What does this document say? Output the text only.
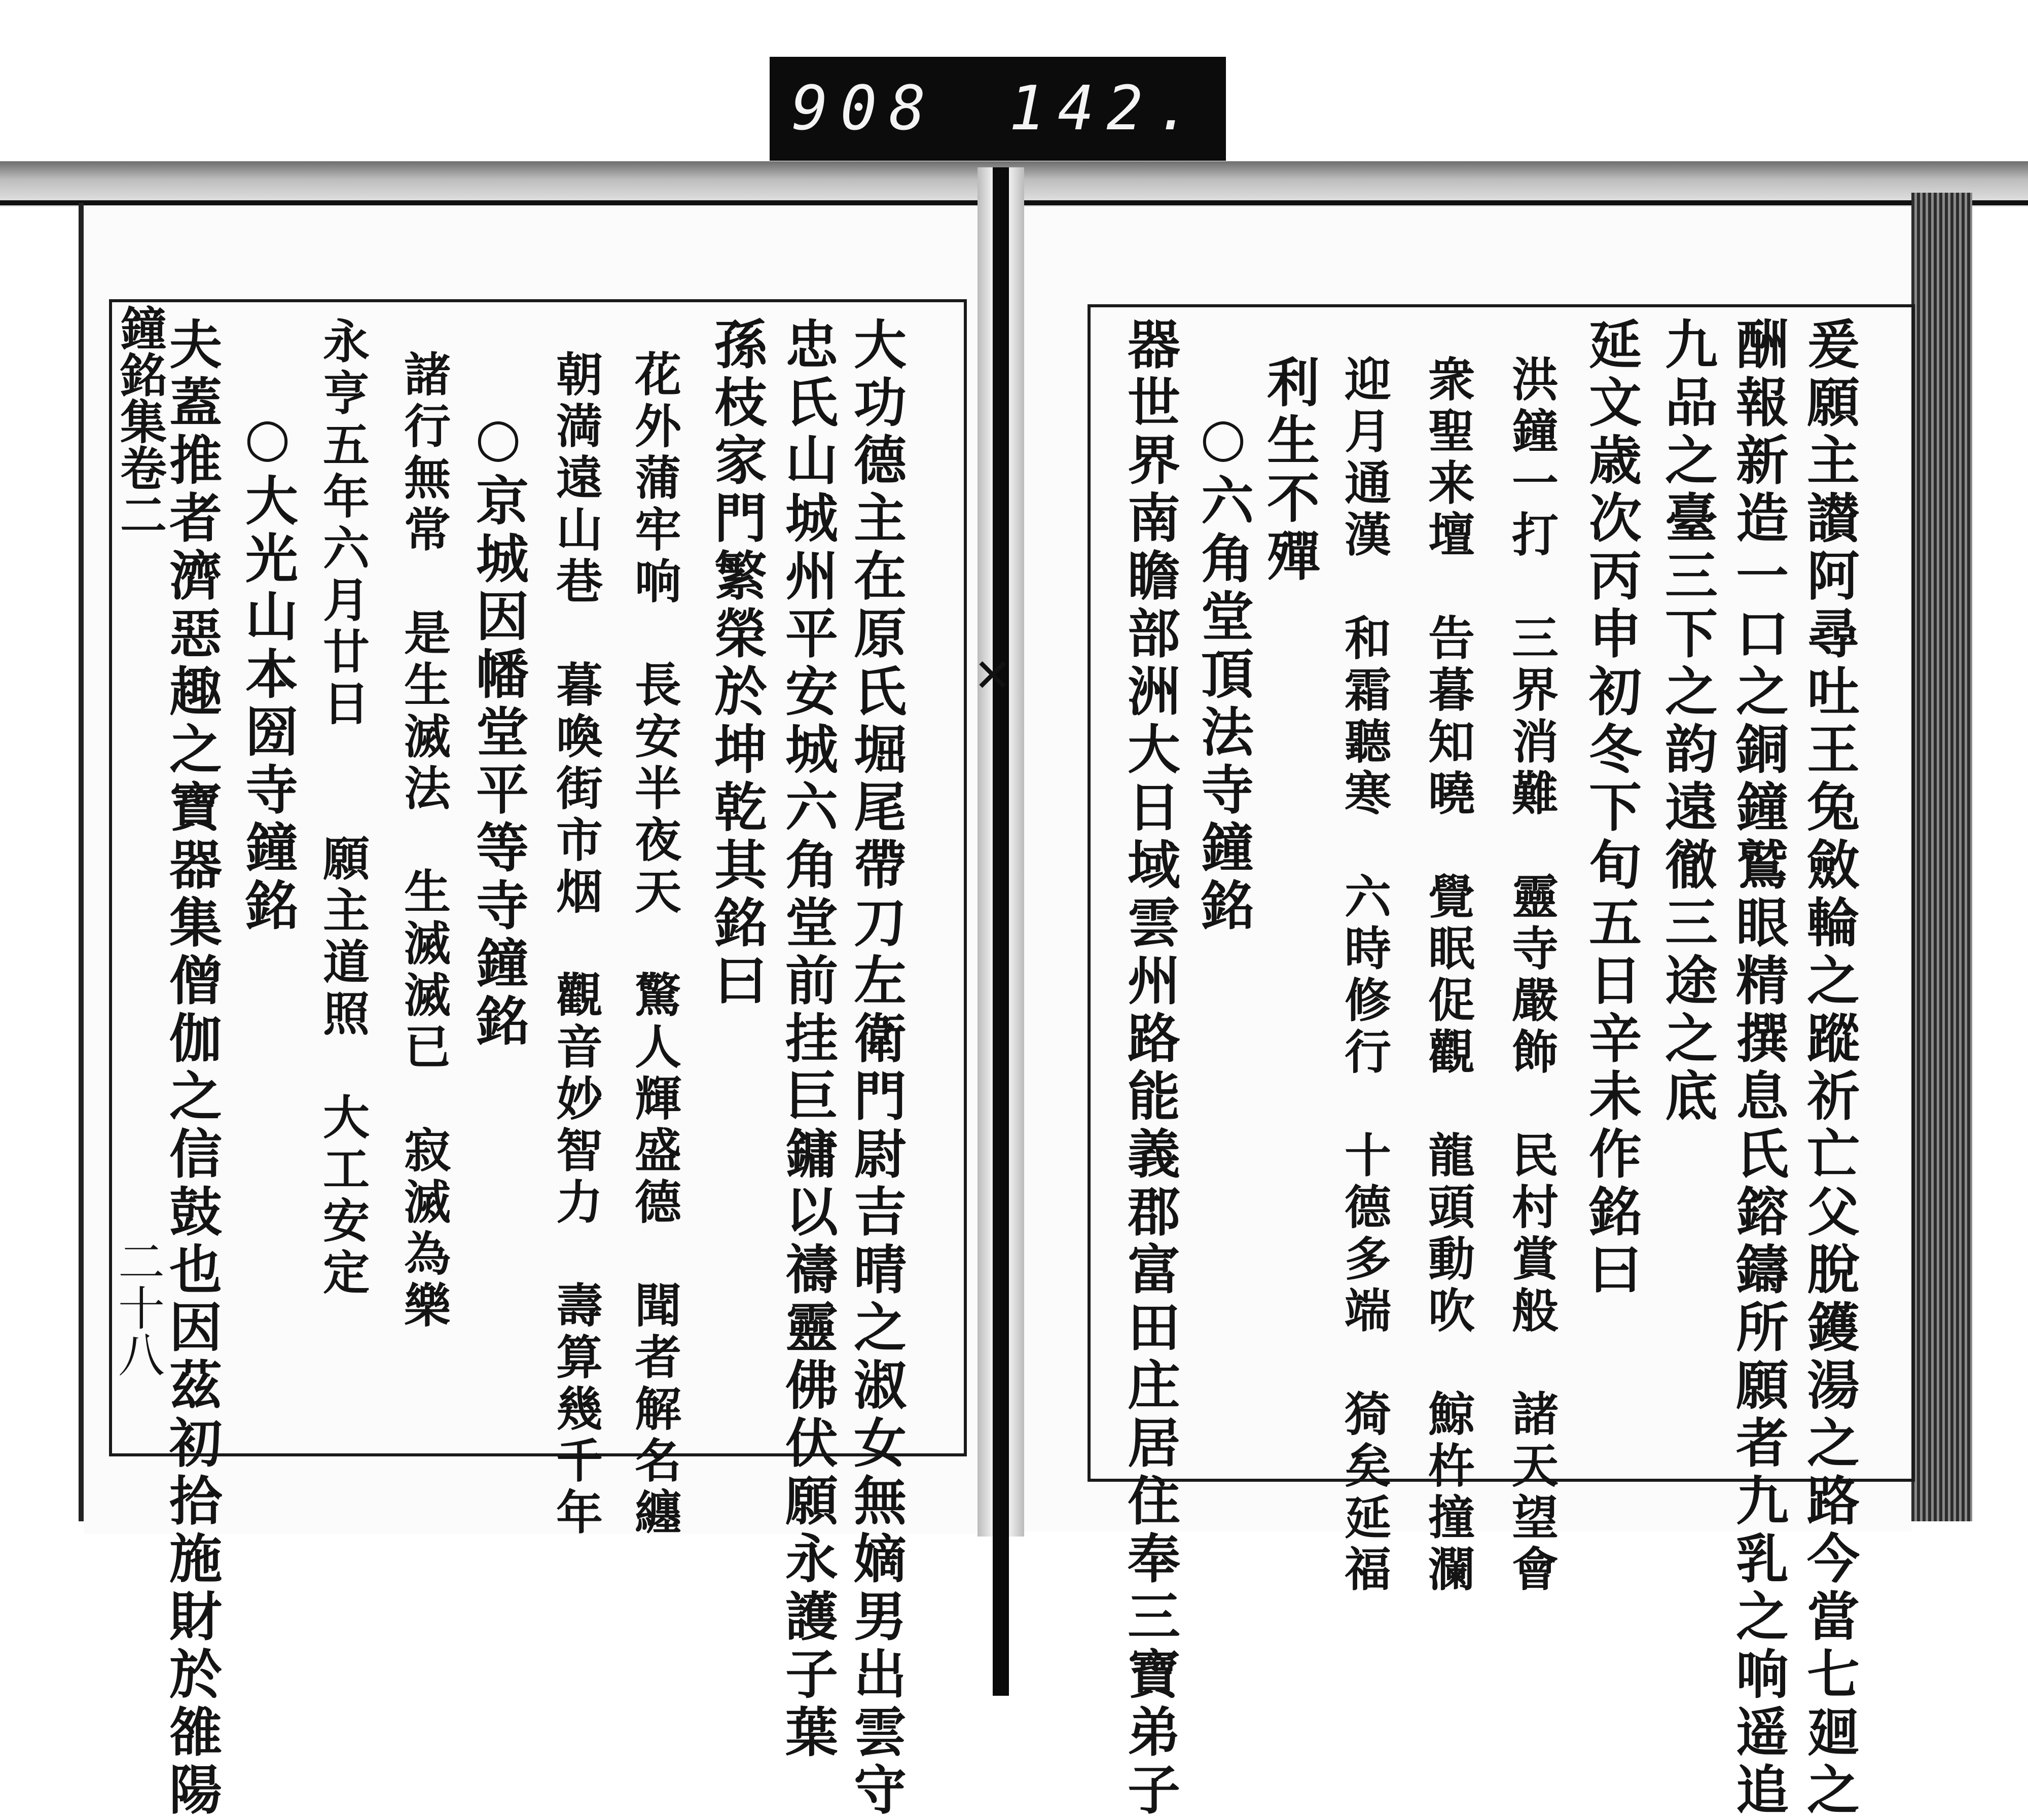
908 142.
✕
鐘銘集卷二
二十八	大功德主在原氏堀尾帶刀左衛門尉吉晴之淑女無嫡男出雲守
忠氏山城州平安城六角堂前挂巨鏞以禱靈佛伏願永護子葉
孫枝家門繁榮於坤乾其銘曰
花外蒲牢响　長安半夜天　驚人輝盛德　聞者解名纏
朝満遠山巷　暮喚街市烟　觀音妙智力　壽算幾千年
○京城因幡堂平等寺鐘銘
諸行無常　是生滅法　生滅滅已　寂滅為樂
永亨五年六月廿日　　願主道照　大工安定
○大光山本圀寺鐘銘
夫蓋推者濟惡趣之寶器集僧伽之信鼓也因茲初拾施財於雒陽	爰願主讃阿尋吐王兔斂輪之蹤祈亡父脫鑊湯之路今當七廻之
酬報新造一口之銅鐘鷲眼精撰息氏鎔鑄所願者九乳之响遥追
九品之臺三下之韵遠徹三途之底
延文歳次丙申初冬下旬五日辛未作銘曰
洪鐘一打　三界消難　靈寺嚴飾　民村賞般　諸天望會
衆聖来壇　告暮知曉　覺眠促觀　龍頭動吹　鯨杵撞瀾
迎月通漢　和霜聽寒　六時修行　十德多端　猗矣延福
利生不殫
○六角堂頂法寺鐘銘
器世界南瞻部洲大日域雲州路能義郡富田庄居住奉三寶弟子
